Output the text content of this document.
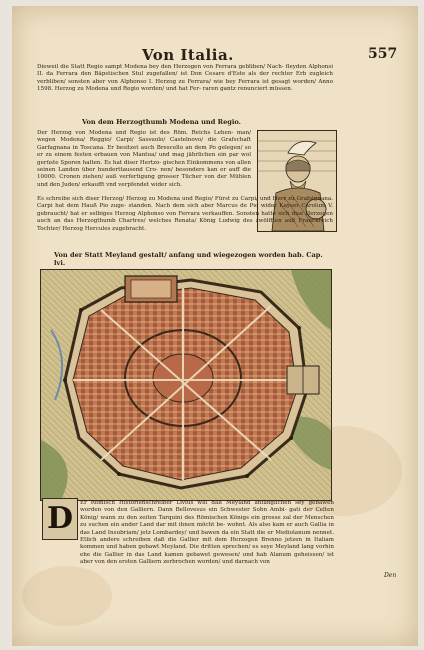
Von Italia.	557
Dieweil die Statt Regio sampt Modena bey den Herzogen von Ferrara gebliben/ Nach- fleyden Alphonsi II. da Ferrara den Bäpstischen Stul zugefallen/ ist Don Cesare d'Este als der rechter Erb zugleich verbliben/ sonsten aber von Alphonso I. Herzog zu Ferrara/ wie bey Ferrara ist gesagt worden/ Anno 1598. Herzog zu Modena und Regio worden/ und hat Fer- raren gantz renunciert müssen.
Von dem Herzogthumb Modena und Regio.
Der Herzog von Modena und Regio ist des Röm. Reichs Lehen- man/ wegen Modena/ Reggio/ Carpi/ Sassuolo/ Castelnovo/ die Grafschaft Garfagnana in Toscana. Er besitzet auch Brescello an dem Po gelegen/ so er zu einem festen erbauen von Mantua/ und mag jährlichen ein par wol gerüste Sporen halten. Es hat diser Hertzo- gischen Einkommens von allen seinen Landen über hunderttausend Cro- nen/ besonders kan er auff die 10000. Cronen ziehen/ auß verfertigung grosser Tücher von der Mühlen und den Juden/ erkaufft vnd verpfendet wider sich.
Es schreibe sich diser Herzog/ Herzog zu Modena und Regio/ Fürst zu Carpi/ und Herr zu Grafsignana. Carpi hat dem Hauß Pio zuge- standen. Nach dem sich aber Marcus de Pio wider Kayser Carolum V. gebraucht/ hat er selbiges Herzog Alphonso von Ferrara verkauffen. Sonsten hatte sich dise Herzogen auch an das Herzogthumb Chartres/ welches Renata/ König Ludwig des zwölfften auß Franckreich Tochter/ Herzog Hercules zugebracht.
Von der Statt Meyland gestalt/ anfang und wiegezogen worden hab. Cap. lvi.
D	Er Römisch Historienschreiber Livius will daß Meyland anfänglichen sey gebawen worden von den Galliern. Dann Bellovesus ein Schwester Sohn Ambi- gati der Celten König/ wann zu den zeiten Tarquini des Römischen Königs ein grosse zal der Menschen zu suchen ein ander Land dar mit ihnen möcht be- wohnt. Als also kam er auch Gallia in das Land Insubriam/ jetz Lombardey/ und bawen da ein Statt die er Mediolanum nennet. Etlich andere schreiben daß die Gallier mit dem Herzogen Brenno jetzen in Italiam kommen und haben gebawt Meyland. Die dritten sprechen/ es seye Meyland lang vorhin ehe die Gallier in das Land kamen gebawet gewesen/ und hab Alanum geheissen/ ist aber von den ersten Galliern zerbrochen worden/ und darnach von
Den
